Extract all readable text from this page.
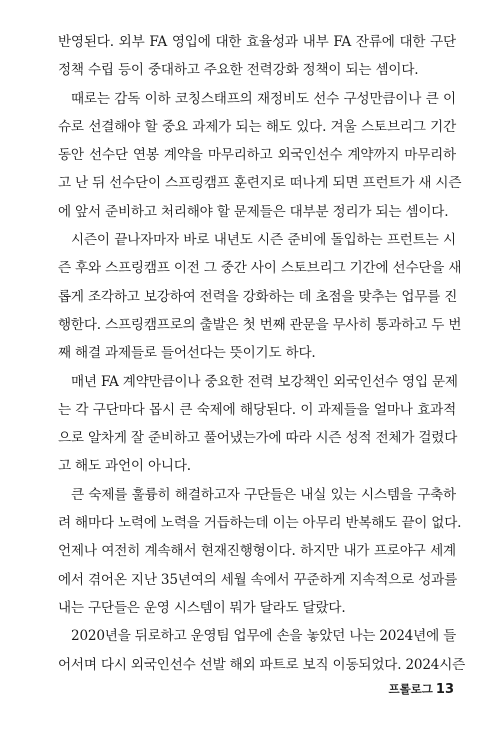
반영된다. 외부 FA 영입에 대한 효율성과 내부 FA 잔류에 대한 구단
정책 수립 등이 중대하고 주요한 전력강화 정책이 되는 셈이다.
때로는 감독 이하 코칭스태프의 재정비도 선수 구성만큼이나 큰 이
슈로 선결해야 할 중요 과제가 되는 해도 있다. 겨울 스토브리그 기간
동안 선수단 연봉 계약을 마무리하고 외국인선수 계약까지 마무리하
고 난 뒤 선수단이 스프링캠프 훈련지로 떠나게 되면 프런트가 새 시즌
에 앞서 준비하고 처리해야 할 문제들은 대부분 정리가 되는 셈이다.
시즌이 끝나자마자 바로 내년도 시즌 준비에 돌입하는 프런트는 시
즌 후와 스프링캠프 이전 그 중간 사이 스토브리그 기간에 선수단을 새
롭게 조각하고 보강하여 전력을 강화하는 데 초점을 맞추는 업무를 진
행한다. 스프링캠프로의 출발은 첫 번째 관문을 무사히 통과하고 두 번
째 해결 과제들로 들어선다는 뜻이기도 하다.
매년 FA 계약만큼이나 중요한 전력 보강책인 외국인선수 영입 문제
는 각 구단마다 몹시 큰 숙제에 해당된다. 이 과제들을 얼마나 효과적
으로 알차게 잘 준비하고 풀어냈는가에 따라 시즌 성적 전체가 걸렸다
고 해도 과언이 아니다.
큰 숙제를 훌륭히 해결하고자 구단들은 내실 있는 시스템을 구축하
려 해마다 노력에 노력을 거듭하는데 이는 아무리 반복해도 끝이 없다.
언제나 여전히 계속해서 현재진행형이다. 하지만 내가 프로야구 세계
에서 겪어온 지난 35년여의 세월 속에서 꾸준하게 지속적으로 성과를
내는 구단들은 운영 시스템이 뭐가 달라도 달랐다.
2020년을 뒤로하고 운영팀 업무에 손을 놓았던 나는 2024년에 들
어서며 다시 외국인선수 선발 해외 파트로 보직 이동되었다. 2024시즌
프롤로그 13
